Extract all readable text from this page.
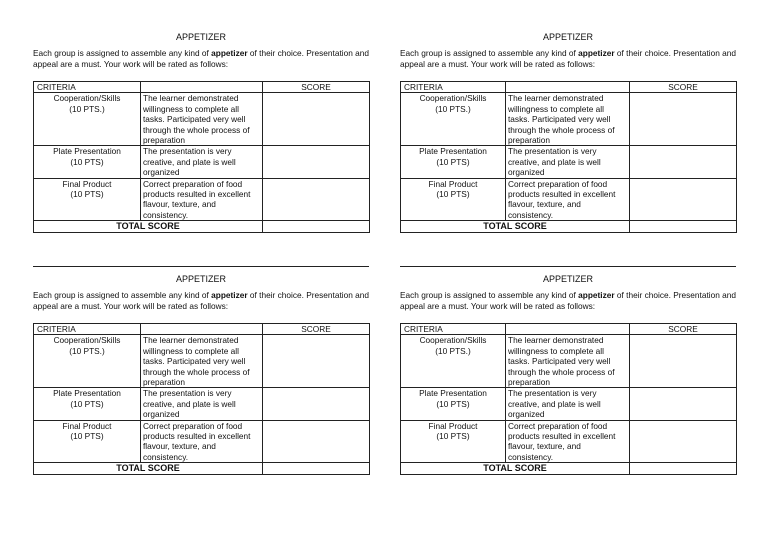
APPETIZER
Each group is assigned to assemble any kind of appetizer of their choice. Presentation and appeal are a must. Your work will be rated as follows:
CRITERIA		SCORE

Cooperation/Skills
(10 PTS.)	The learner demonstrated willingness to complete all tasks. Participated very well through the whole process of preparation	

Plate Presentation
(10 PTS)	The presentation is very creative, and plate is well organized	

Final Product
(10 PTS)	Correct preparation of food products resulted in excellent flavour, texture, and consistency.	
TOTAL SCORE		
APPETIZER
Each group is assigned to assemble any kind of appetizer of their choice. Presentation and appeal are a must. Your work will be rated as follows:
CRITERIA		SCORE

Cooperation/Skills
(10 PTS.)	The learner demonstrated willingness to complete all tasks. Participated very well through the whole process of preparation	

Plate Presentation
(10 PTS)	The presentation is very creative, and plate is well organized	

Final Product
(10 PTS)	Correct preparation of food products resulted in excellent flavour, texture, and consistency.	
TOTAL SCORE		
APPETIZER
Each group is assigned to assemble any kind of appetizer of their choice. Presentation and appeal are a must. Your work will be rated as follows:
CRITERIA		SCORE

Cooperation/Skills
(10 PTS.)	The learner demonstrated willingness to complete all tasks. Participated very well through the whole process of preparation	

Plate Presentation
(10 PTS)	The presentation is very creative, and plate is well organized	

Final Product
(10 PTS)	Correct preparation of food products resulted in excellent flavour, texture, and consistency.	
TOTAL SCORE		
APPETIZER
Each group is assigned to assemble any kind of appetizer of their choice. Presentation and appeal are a must. Your work will be rated as follows:
CRITERIA		SCORE

Cooperation/Skills
(10 PTS.)	The learner demonstrated willingness to complete all tasks. Participated very well through the whole process of preparation	

Plate Presentation
(10 PTS)	The presentation is very creative, and plate is well organized	

Final Product
(10 PTS)	Correct preparation of food products resulted in excellent flavour, texture, and consistency.	
TOTAL SCORE		
